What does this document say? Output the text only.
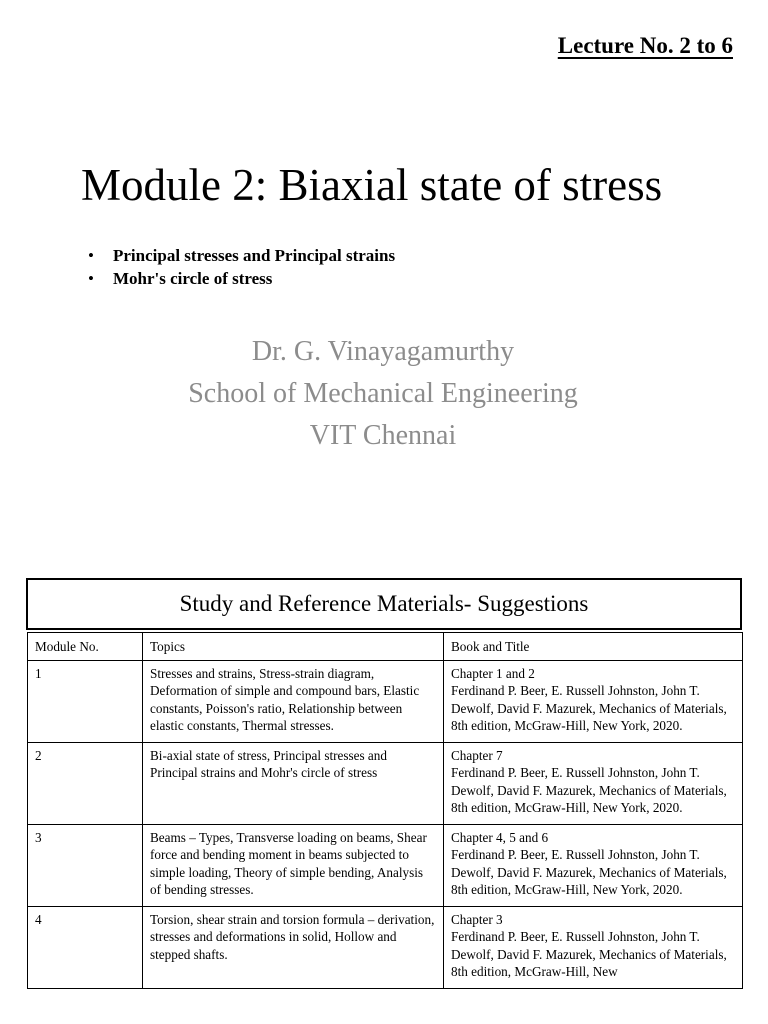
Lecture No. 2 to 6
Module 2: Biaxial state of stress
•	Principal stresses and Principal strains
•	Mohr's circle of stress
Dr. G. Vinayagamurthy
School of Mechanical Engineering
VIT Chennai
Study and Reference Materials- Suggestions
Module No.	Topics	Book and Title
1	Stresses and strains, Stress-strain diagram, Deformation of simple and compound bars, Elastic constants, Poisson's ratio, Relationship between elastic constants, Thermal stresses.	Chapter 1 and 2
Ferdinand P. Beer, E. Russell Johnston, John T. Dewolf, David F. Mazurek, Mechanics of Materials, 8th edition, McGraw-Hill, New York, 2020.

2	Bi-axial state of stress, Principal stresses and Principal strains and Mohr's circle of stress	Chapter 7
Ferdinand P. Beer, E. Russell Johnston, John T. Dewolf, David F. Mazurek, Mechanics of Materials, 8th edition, McGraw-Hill, New York, 2020.

3	Beams – Types, Transverse loading on beams, Shear force and bending moment in beams subjected to simple loading, Theory of simple bending, Analysis of bending stresses.	Chapter 4, 5 and 6
Ferdinand P. Beer, E. Russell Johnston, John T. Dewolf, David F. Mazurek, Mechanics of Materials, 8th edition, McGraw-Hill, New York, 2020.

4	Torsion, shear strain and torsion formula – derivation, stresses and deformations in solid, Hollow and stepped shafts.	Chapter 3
Ferdinand P. Beer, E. Russell Johnston, John T. Dewolf, David F. Mazurek, Mechanics of Materials, 8th edition, McGraw-Hill, New
